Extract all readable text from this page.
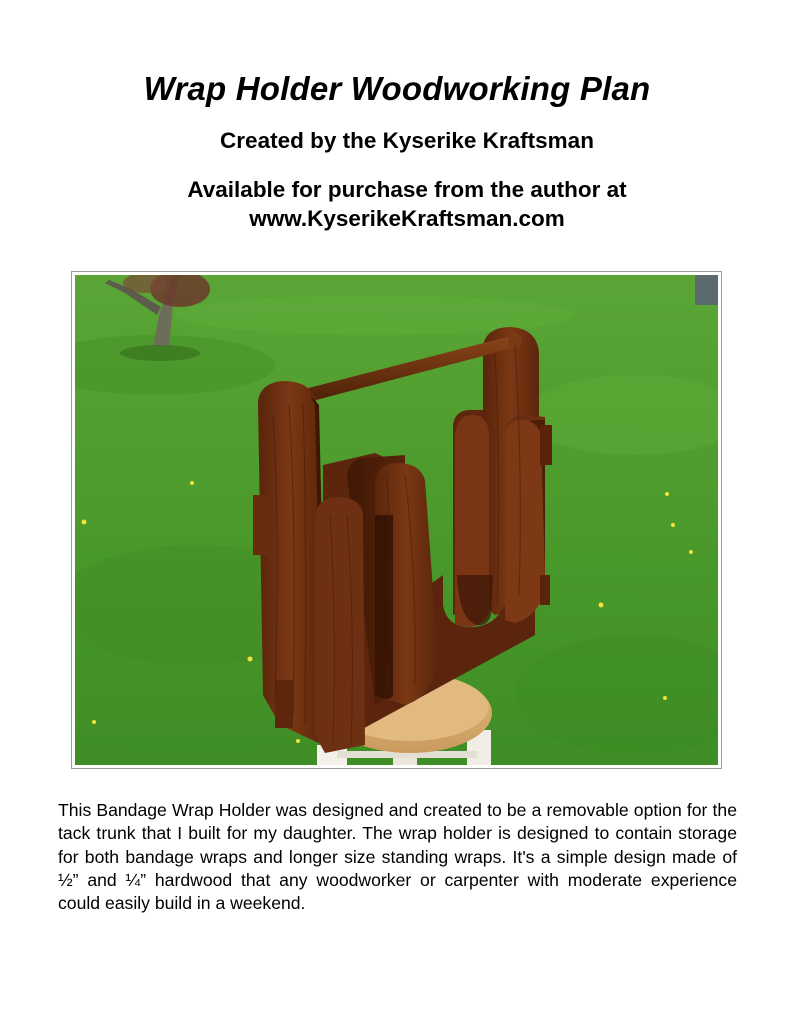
Wrap Holder Woodworking Plan
Created by the Kyserike Kraftsman
Available for purchase from the author at
www.KyserikeKraftsman.com
This Bandage Wrap Holder was designed and created to be a removable option for the tack trunk that I built for my daughter. The wrap holder is designed to contain storage for both bandage wraps and longer size standing wraps. It's a simple design made of ½” and ¼” hardwood that any woodworker or carpenter with moderate experience could easily build in a weekend.
